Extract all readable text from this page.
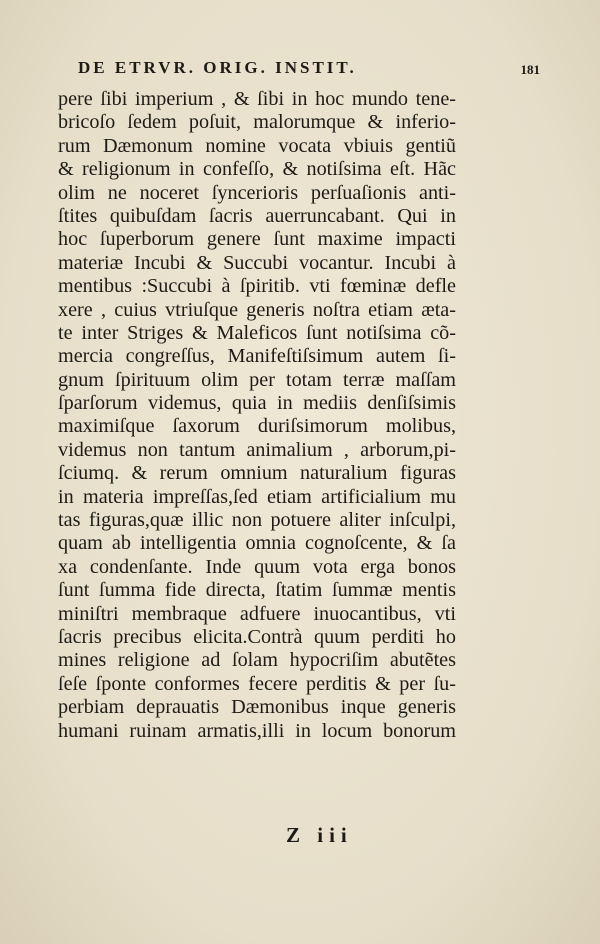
DE ETRVR. ORIG. INSTIT.	181
pere ſibi imperium , & ſibi in hoc mundo tene-
bricoſo ſedem poſuit, malorumque & inferio-
rum Dæmonum nomine vocata vbiuis gentiũ
& religionum in confeſſo, & notiſsima eſt. Hãc
olim ne noceret ſyncerioris perſuaſionis anti-
ſtites quibuſdam ſacris auerruncabant. Qui in
hoc ſuperborum genere ſunt maxime impacti
materiæ Incubi & Succubi vocantur. Incubi à
mentibus :Succubi à ſpiritib. vti fœminæ defle
xere , cuius vtriuſque generis noſtra etiam æta-
te inter Striges & Maleficos ſunt notiſsima cõ-
mercia congreſſus, Manifeſtiſsimum autem ſi-
gnum ſpirituum olim per totam terræ maſſam
ſparſorum videmus, quia in mediis denſiſsimis
maximiſque ſaxorum duriſsimorum molibus,
videmus non tantum animalium , arborum,pi-
ſciumq. & rerum omnium naturalium figuras
in materia impreſſas,ſed etiam artificialium mu
tas figuras,quæ illic non potuere aliter inſculpi,
quam ab intelligentia omnia cognoſcente, & ſa
xa condenſante. Inde quum vota erga bonos
ſunt ſumma fide directa, ſtatim ſummæ mentis
miniſtri membraque adfuere inuocantibus, vti
ſacris precibus elicita.Contrà quum perditi ho
mines religione ad ſolam hypocriſim abutẽtes
ſeſe ſponte conformes fecere perditis & per ſu-
perbiam deprauatis Dæmonibus inque generis
humani ruinam armatis,illi in locum bonorum
Z iii
